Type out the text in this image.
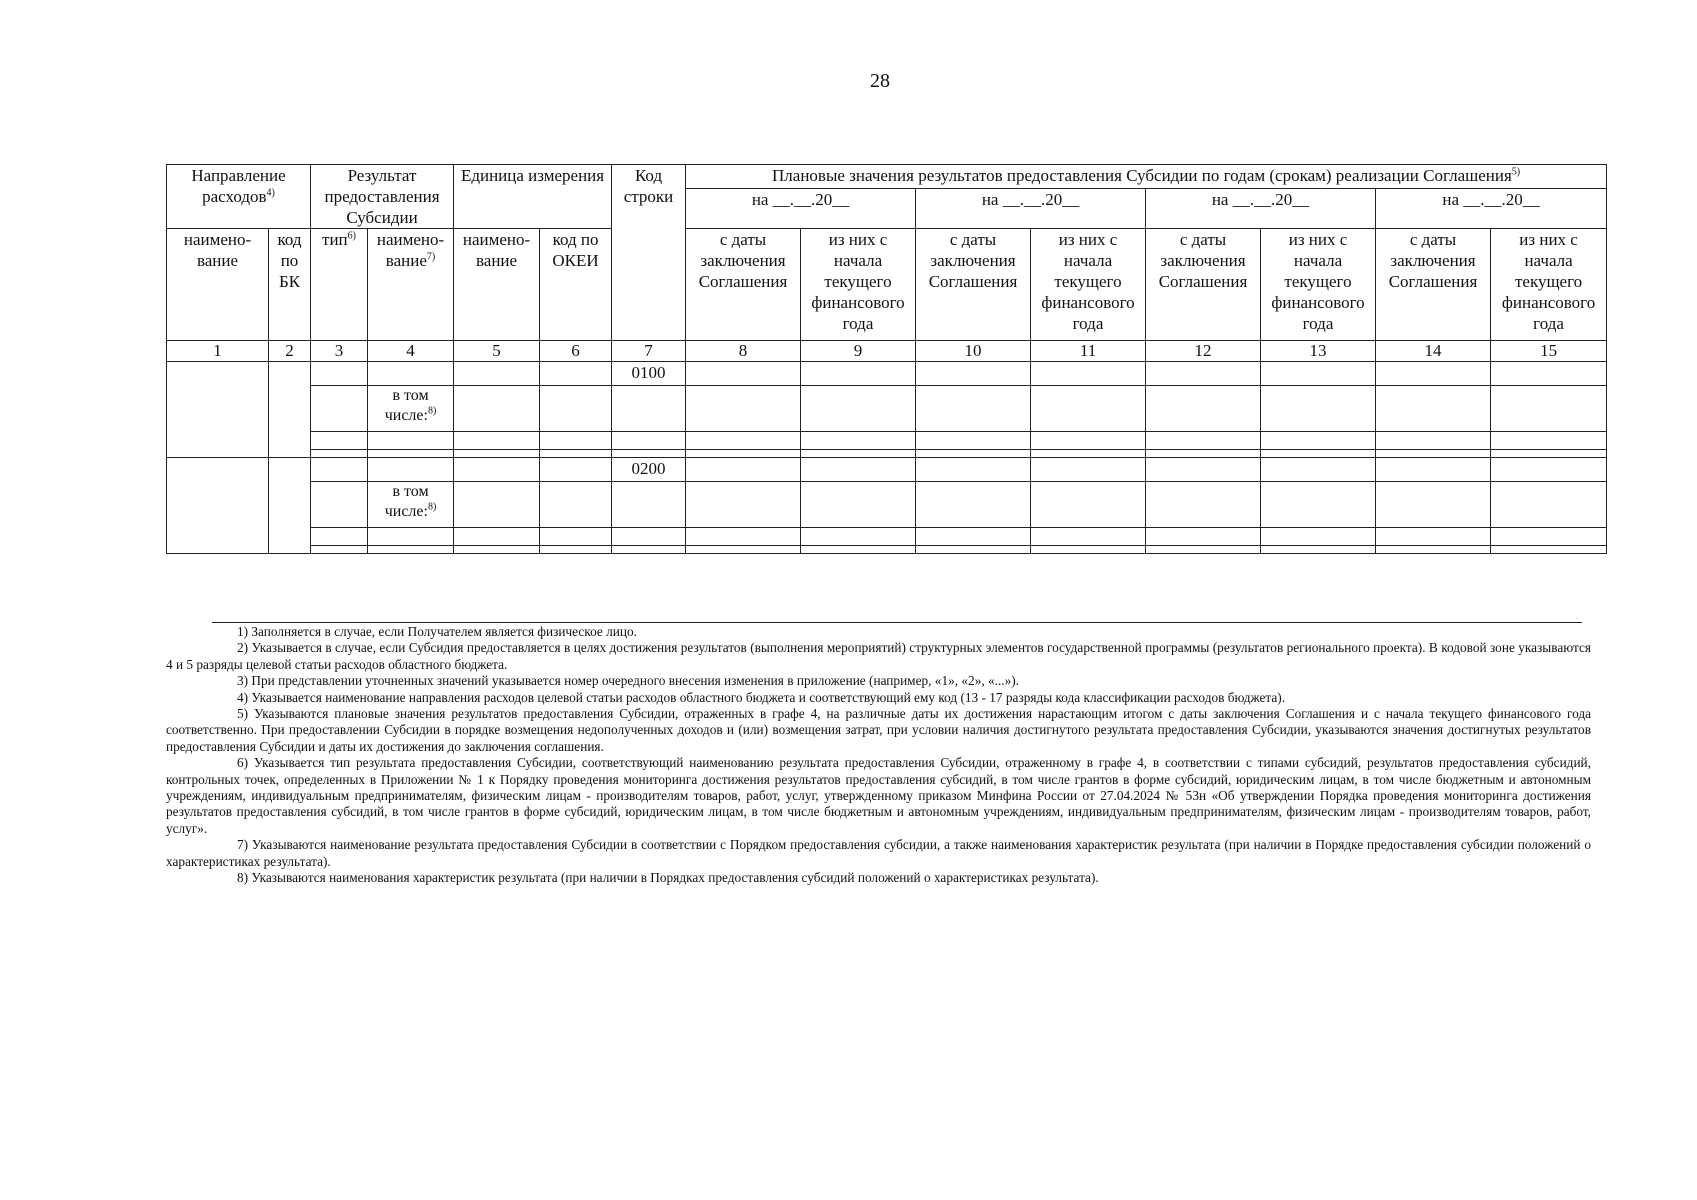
28
Направление расходов$^{4)}$		Результат предоставления Субсидии		Единица измерения		Код строки	Плановые значения результатов предоставления Субсидии по годам (срокам) реализации Соглашения$^{5)}$
							на __.__.20__		на __.__.20__		на __.__.20__		на __.__.20__	
наимено-вание	код по БК	тип$^{6)}$	наимено-вание$^{7)}$	наимено-вание	код по ОКЕИ		с даты заключения Соглашения	из них с начала текущего финансового года	с даты заключения Соглашения	из них с начала текущего финансового года	с даты заключения Соглашения	из них с начала текущего финансового года	с даты заключения Соглашения	из них с начала текущего финансового года
1	2	3	4	5	6	7	8	9	10	11	12	13	14	15
						0100								
			в том числе:$^{8)}$											

						0200								
			в том числе:$^{8)}$											

1) Заполняется в случае, если Получателем является физическое лицо.

2) Указывается в случае, если Субсидия предоставляется в целях достижения результатов (выполнения мероприятий) структурных элементов государственной программы (результатов регионального проекта). В кодовой зоне указываются 4 и 5 разряды целевой статьи расходов областного бюджета.

3) При представлении уточненных значений указывается номер очередного внесения изменения в приложение (например, «1», «2», «...»).

4) Указывается наименование направления расходов целевой статьи расходов областного бюджета и соответствующий ему код (13 - 17 разряды кода классификации расходов бюджета).

5) Указываются плановые значения результатов предоставления Субсидии, отраженных в графе 4, на различные даты их достижения нарастающим итогом с даты заключения Соглашения и с начала текущего финансового года соответственно. При предоставлении Субсидии в порядке возмещения недополученных доходов и (или) возмещения затрат, при условии наличия достигнутого результата предоставления Субсидии, указываются значения достигнутых результатов предоставления Субсидии и даты их достижения до заключения соглашения.

6) Указывается тип результата предоставления Субсидии, соответствующий наименованию результата предоставления Субсидии, отраженному в графе 4, в соответствии с типами субсидий, результатов предоставления субсидий, контрольных точек, определенных в Приложении № 1 к Порядку проведения мониторинга достижения результатов предоставления субсидий, в том числе грантов в форме субсидий, юридическим лицам, в том числе бюджетным и автономным учреждениям, индивидуальным предпринимателям, физическим лицам - производителям товаров, работ, услуг, утвержденному приказом Минфина России от 27.04.2024 № 53н «Об утверждении Порядка проведения мониторинга достижения результатов предоставления субсидий, в том числе грантов в форме субсидий, юридическим лицам, в том числе бюджетным и автономным учреждениям, индивидуальным предпринимателям, физическим лицам - производителям товаров, работ, услуг».

7) Указываются наименование результата предоставления Субсидии в соответствии с Порядком предоставления субсидии, а также наименования характеристик результата (при наличии в Порядке предоставления субсидии положений о характеристиках результата).

8) Указываются наименования характеристик результата (при наличии в Порядках предоставления субсидий положений о характеристиках результата).
